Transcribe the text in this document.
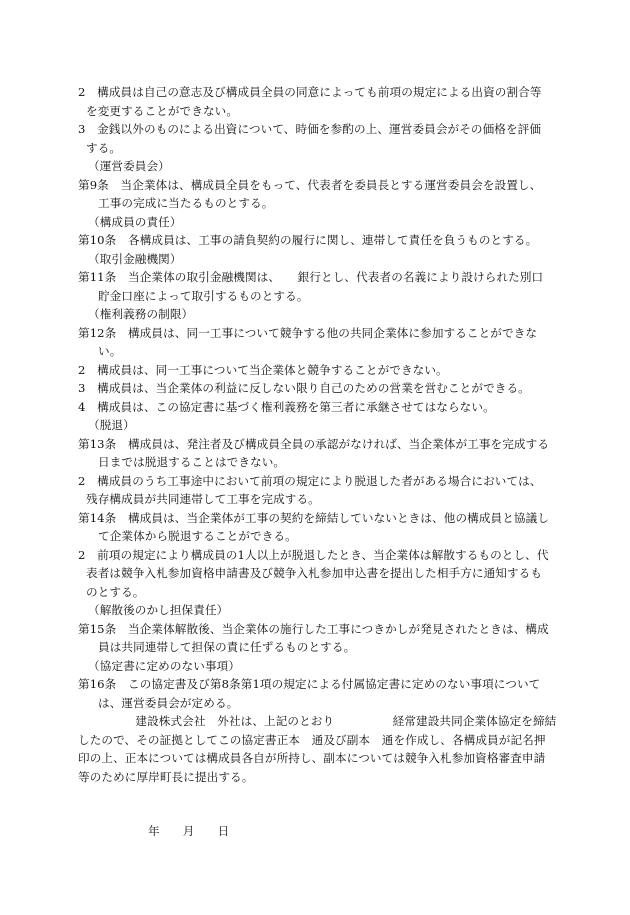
2　構成員は自己の意志及び構成員全員の同意によっても前項の規定による出資の割合等
を変更することができない。
3　金銭以外のものによる出資について、時価を参酌の上、運営委員会がその価格を評価
する。
（運営委員会）
第9条　当企業体は、構成員全員をもって、代表者を委員長とする運営委員会を設置し、
工事の完成に当たるものとする。
（構成員の責任）
第10条　各構成員は、工事の請負契約の履行に関し、連帯して責任を負うものとする。
（取引金融機関）
第11条　当企業体の取引金融機関は、　　銀行とし、代表者の名義により設けられた別口
貯金口座によって取引するものとする。
（権利義務の制限）
第12条　構成員は、同一工事について競争する他の共同企業体に参加することができな
い。
2　構成員は、同一工事について当企業体と競争することができない。
3　構成員は、当企業体の利益に反しない限り自己のための営業を営むことができる。
4　構成員は、この協定書に基づく権利義務を第三者に承継させてはならない。
（脱退）
第13条　構成員は、発注者及び構成員全員の承認がなければ、当企業体が工事を完成する
日までは脱退することはできない。
2　構成員のうち工事途中において前項の規定により脱退した者がある場合においては、
残存構成員が共同連帯して工事を完成する。
第14条　構成員は、当企業体が工事の契約を締結していないときは、他の構成員と協議し
て企業体から脱退することができる。
2　前項の規定により構成員の1人以上が脱退したとき、当企業体は解散するものとし、代
表者は競争入札参加資格申請書及び競争入札参加申込書を提出した相手方に通知するも
のとする。
（解散後のかし担保責任）
第15条　当企業体解散後、当企業体の施行した工事につきかしが発見されたときは、構成
員は共同連帯して担保の責に任ずるものとする。
（協定書に定めのない事項）
第16条　この協定書及び第8条第1項の規定による付属協定書に定めのない事項について
は、運営委員会が定める。
　　建設株式会社　外社は、上記のとおり　　　　　経常建設共同企業体協定を締結
したので、その証拠としてこの協定書正本　通及び副本　通を作成し、各構成員が記名押
印の上、正本については構成員各自が所持し、副本については競争入札参加資格審査申請
等のために厚岸町長に提出する。
年　　月　　日
